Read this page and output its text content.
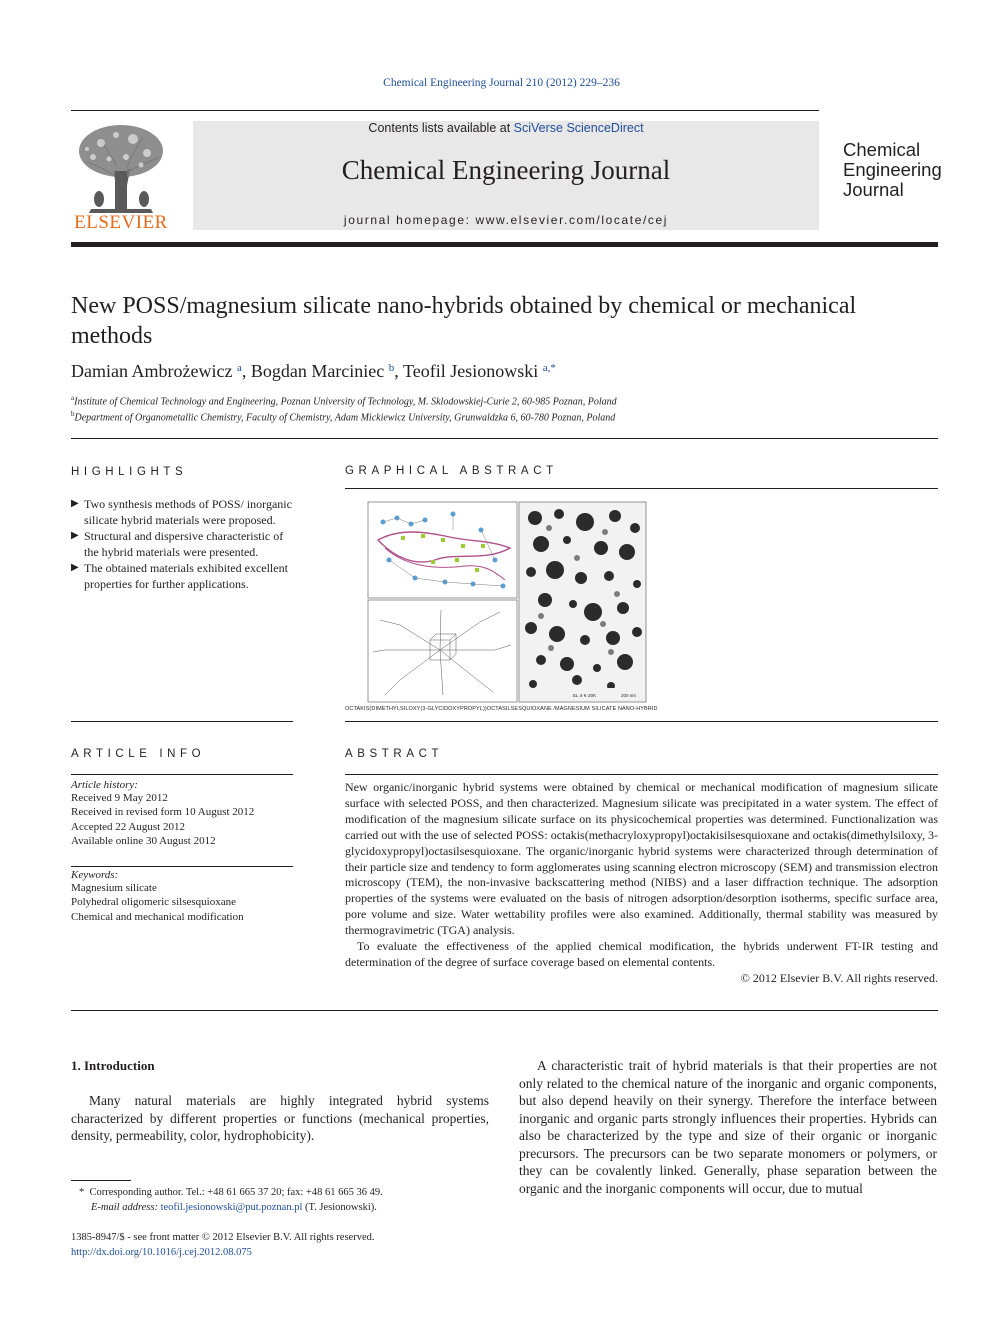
Chemical Engineering Journal 210 (2012) 229–236
ELSEVIER
Contents lists available at SciVerse ScienceDirect
Chemical Engineering Journal
journal homepage: www.elsevier.com/locate/cej
Chemical
Engineering
Journal
New POSS/magnesium silicate nano-hybrids obtained by chemical or mechanical methods
Damian Ambrożewicz $^a$, Bogdan Marciniec $^b$, Teofil Jesionowski $^{a,*}$
$^a$Institute of Chemical Technology and Engineering, Poznan University of Technology, M. Sklodowskiej-Curie 2, 60-985 Poznan, Poland
$^b$Department of Organometallic Chemistry, Faculty of Chemistry, Adam Mickiewicz University, Grunwaldzka 6, 60-780 Poznan, Poland
HIGHLIGHTS
▶ Two synthesis methods of POSS/ inorganic silicate hybrid materials were proposed.
▶ Structural and dispersive characteristic of the hybrid materials were presented.
▶ The obtained materials exhibited excellent properties for further applications.
GRAPHICAL ABSTRACT
EL 4·K·20K	200 nm
OCTAKIS(DIMETHYLSILOXY(3-GLYCIDOXYPROPYL))OCTASILSESQUIOXANE /MAGNESIUM SILICATE NANO-HYBRID
ARTICLE INFO
Article history:
Received 9 May 2012
Received in revised form 10 August 2012
Accepted 22 August 2012
Available online 30 August 2012
Keywords:
Magnesium silicate
Polyhedral oligomeric silsesquioxane
Chemical and mechanical modification
ABSTRACT

New organic/inorganic hybrid systems were obtained by chemical or mechanical modification of magnesium silicate surface with selected POSS, and then characterized. Magnesium silicate was precipitated in a water system. The effect of modification of the magnesium silicate surface on its physicochemical properties was determined. Functionalization was carried out with the use of selected POSS: octakis(methacryloxypropyl)octakisilsesquioxane and octakis(dimethylsiloxy, 3-glycidoxypropyl)octasilsesquioxane. The organic/inorganic hybrid systems were characterized through determination of their particle size and tendency to form agglomerates using scanning electron microscopy (SEM) and transmission electron microscopy (TEM), the non-invasive backscattering method (NIBS) and a laser diffraction technique. The adsorption properties of the systems were evaluated on the basis of nitrogen adsorption/desorption isotherms, specific surface area, pore volume and size. Water wettability profiles were also examined. Additionally, thermal stability was measured by thermogravimetric (TGA) analysis.

To evaluate the effectiveness of the applied chemical modification, the hybrids underwent FT-IR testing and determination of the degree of surface coverage based on elemental contents.

© 2012 Elsevier B.V. All rights reserved.

1. Introduction
Many natural materials are highly integrated hybrid systems characterized by different properties or functions (mechanical properties, density, permeability, color, hydrophobicity).
A characteristic trait of hybrid materials is that their properties are not only related to the chemical nature of the inorganic and organic components, but also depend heavily on their synergy. Therefore the interface between inorganic and organic parts strongly influences their properties. Hybrids can also be characterized by the type and size of their organic or inorganic precursors. The precursors can be two separate monomers or polymers, or they can be covalently linked. Generally, phase separation between the organic and the inorganic components will occur, due to mutual
* Corresponding author. Tel.: +48 61 665 37 20; fax: +48 61 665 36 49.
E-mail address: teofil.jesionowski@put.poznan.pl (T. Jesionowski).
1385-8947/$ - see front matter © 2012 Elsevier B.V. All rights reserved.
http://dx.doi.org/10.1016/j.cej.2012.08.075
